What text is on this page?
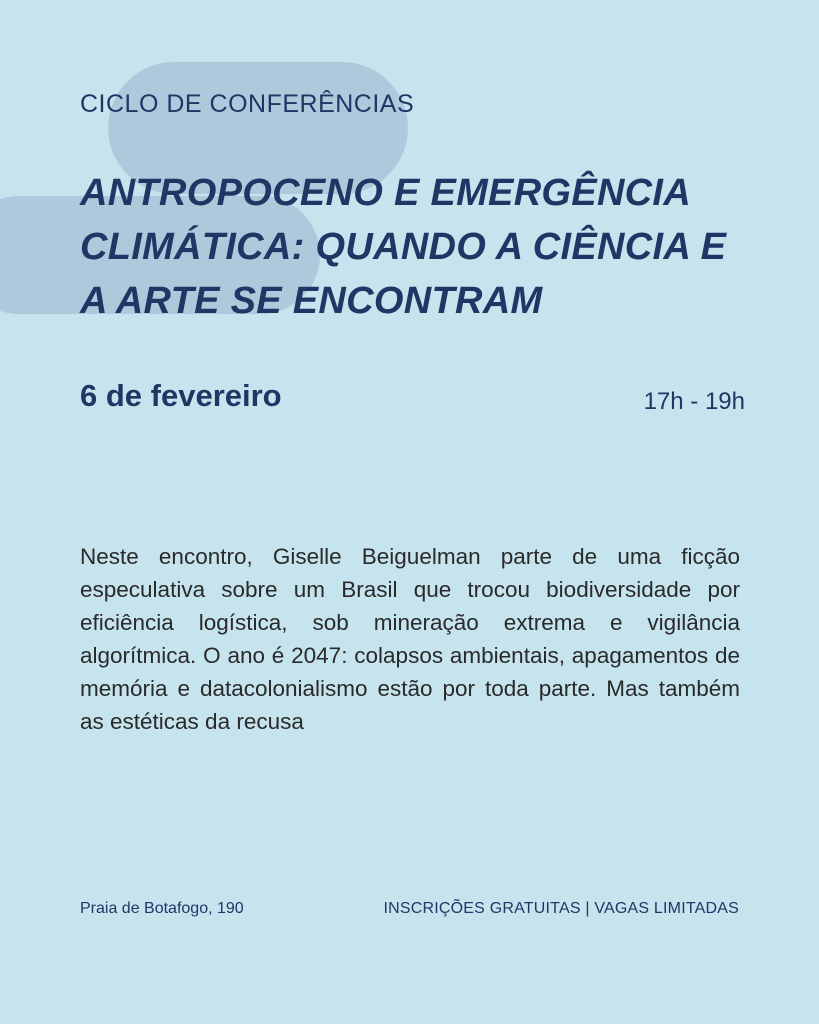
CICLO DE CONFERÊNCIAS

ANTROPOCENO E EMERGÊNCIA CLIMÁTICA: QUANDO A CIÊNCIA E A ARTE SE ENCONTRAM

6 de fevereiro	17h - 19h

Neste encontro, Giselle Beiguelman parte de uma ficção especulativa sobre um Brasil que trocou biodiversidade por eficiência logística, sob mineração extrema e vigilância algorítmica. O ano é 2047: colapsos ambientais, apagamentos de memória e datacolonialismo estão por toda parte. Mas também as estéticas da recusa

Praia de Botafogo, 190	INSCRIÇÕES GRATUITAS | VAGAS LIMITADAS
